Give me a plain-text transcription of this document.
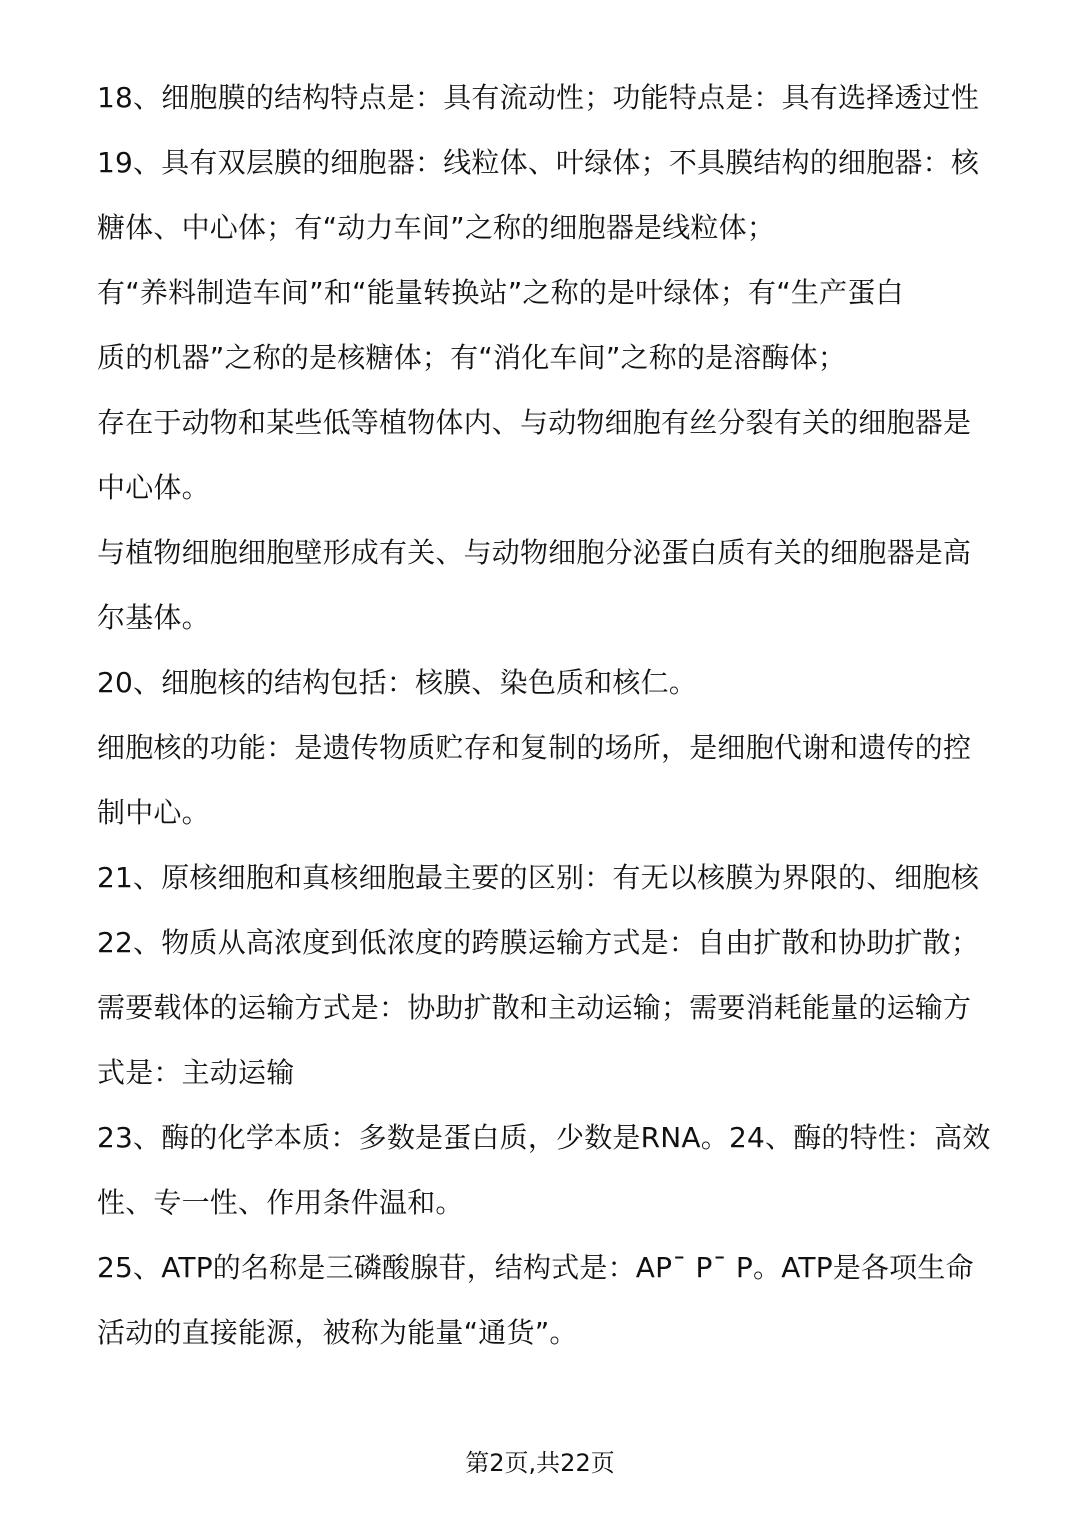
18、细胞膜的结构特点是：具有流动性；功能特点是：具有选择透过性
19、具有双层膜的细胞器：线粒体、叶绿体；不具膜结构的细胞器：核
糖体、中心体；有“动力车间”之称的细胞器是线粒体；
有“养料制造车间”和“能量转换站”之称的是叶绿体；有“生产蛋白
质的机器”之称的是核糖体；有“消化车间”之称的是溶酶体；
存在于动物和某些低等植物体内、与动物细胞有丝分裂有关的细胞器是
中心体。
与植物细胞细胞壁形成有关、与动物细胞分泌蛋白质有关的细胞器是高
尔基体。
20、细胞核的结构包括：核膜、染色质和核仁。
细胞核的功能：是遗传物质贮存和复制的场所，是细胞代谢和遗传的控
制中心。
21、原核细胞和真核细胞最主要的区别：有无以核膜为界限的、细胞核
22、物质从高浓度到低浓度的跨膜运输方式是：自由扩散和协助扩散；
需要载体的运输方式是：协助扩散和主动运输；需要消耗能量的运输方
式是：主动运输
23、酶的化学本质：多数是蛋白质，少数是RNA。24、酶的特性：高效
性、专一性、作用条件温和。
25、ATP的名称是三磷酸腺苷，结构式是：AP¯ P¯ P。ATP是各项生命
活动的直接能源，被称为能量“通货”。
第2页,共22页
